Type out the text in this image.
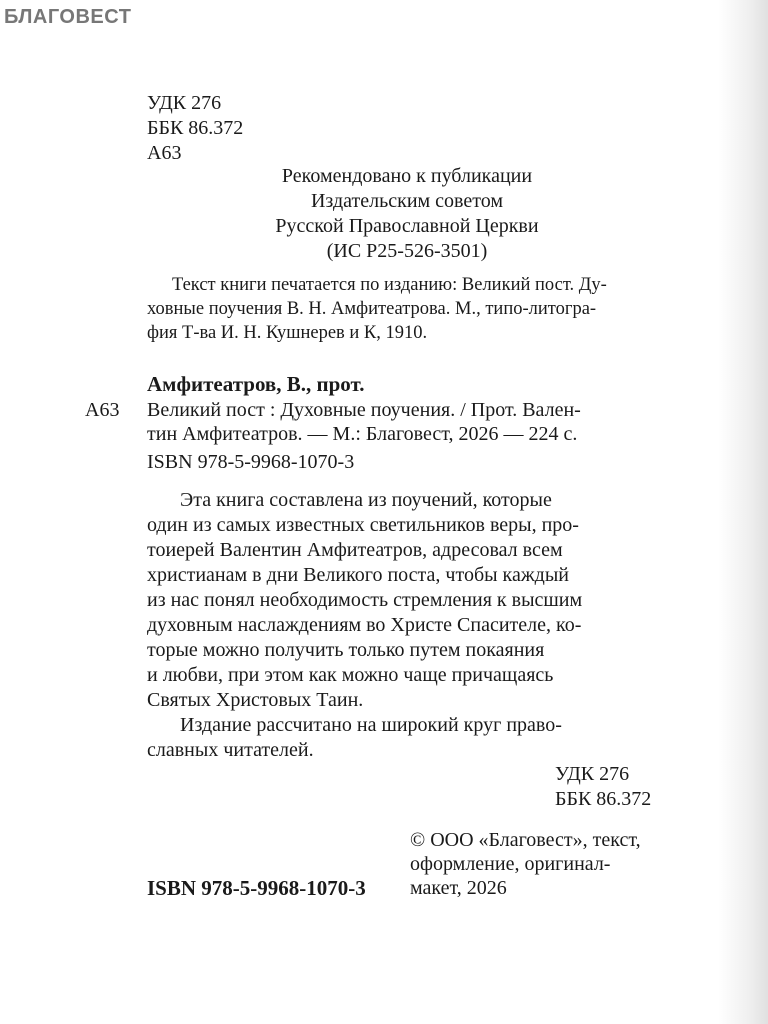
БЛАГОВЕСТ
УДК 276
ББК 86.372
А63
Рекомендовано к публикации
Издательским советом
Русской Православной Церкви
(ИС Р25-526-3501)
Текст книги печатается по изданию: Великий пост. Ду-
ховные поучения В. Н. Амфитеатрова. М., типо-литогра-
фия Т-ва И. Н. Кушнерев и К, 1910.
Амфитеатров, В., прот.
А63 Великий пост : Духовные поучения. / Прот. Вален-
тин Амфитеатров. — М.: Благовест, 2026 — 224 с.
ISBN 978-5-9968-1070-3
Эта книга составлена из поучений, которые
один из самых известных светильников веры, про-
тоиерей Валентин Амфитеатров, адресовал всем
христианам в дни Великого поста, чтобы каждый
из нас понял необходимость стремления к высшим
духовным наслаждениям во Христе Спасителе, ко-
торые можно получить только путем покаяния
и любви, при этом как можно чаще причащаясь
Святых Христовых Таин.
Издание рассчитано на широкий круг право-
славных читателей.
УДК 276
ББК 86.372
© ООО «Благовест», текст,
оформление, оригинал-
макет, 2026
ISBN 978-5-9968-1070-3
